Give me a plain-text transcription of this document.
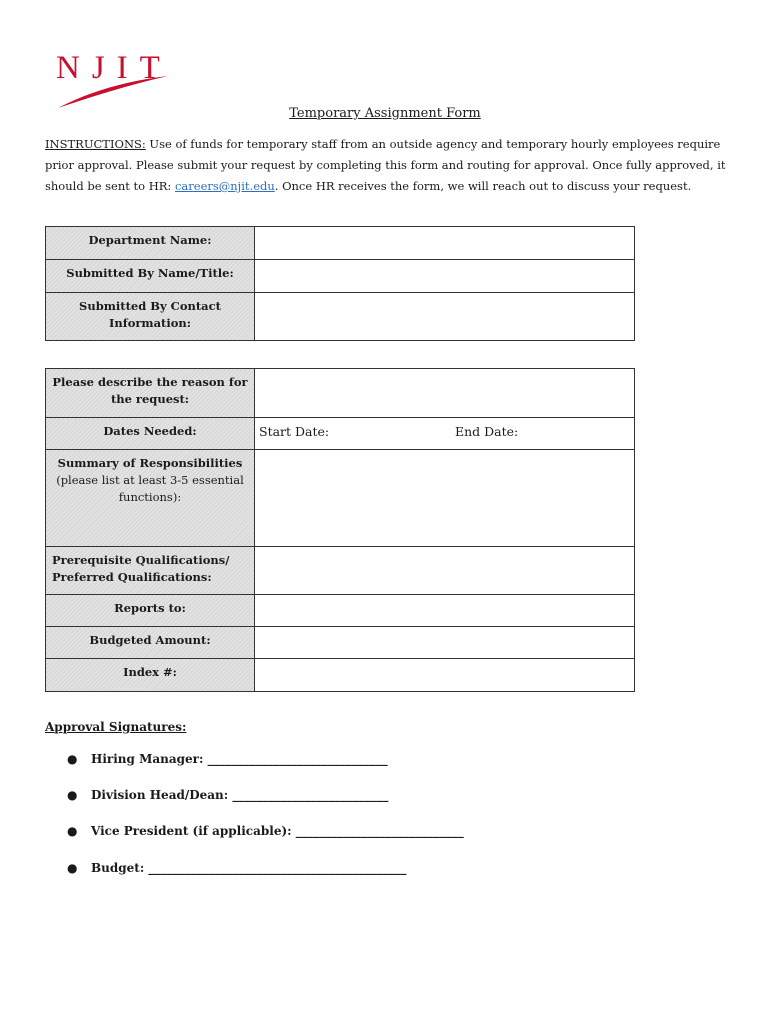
NJIT

Temporary Assignment Form

INSTRUCTIONS: Use of funds for temporary staff from an outside agency and temporary hourly employees require prior approval. Please submit your request by completing this form and routing for approval. Once fully approved, it should be sent to HR: careers@njit.edu. Once HR receives the form, we will reach out to discuss your request.

Department Name:	
Submitted By Name/Title:	
Submitted By Contact Information:	
Please describe the reason for the request:	
Dates Needed:	Start Date: End Date:

Summary of Responsibilities
(please list at least 3-5 essential functions):	

Prerequisite Qualifications/
Preferred Qualifications:	

Reports to:	
Budgeted Amount:	
Index #:	

Approval Signatures:

● Hiring Manager: ______________________________
● Division Head/Dean: __________________________
● Vice President (if applicable): ____________________________
● Budget: ___________________________________________
